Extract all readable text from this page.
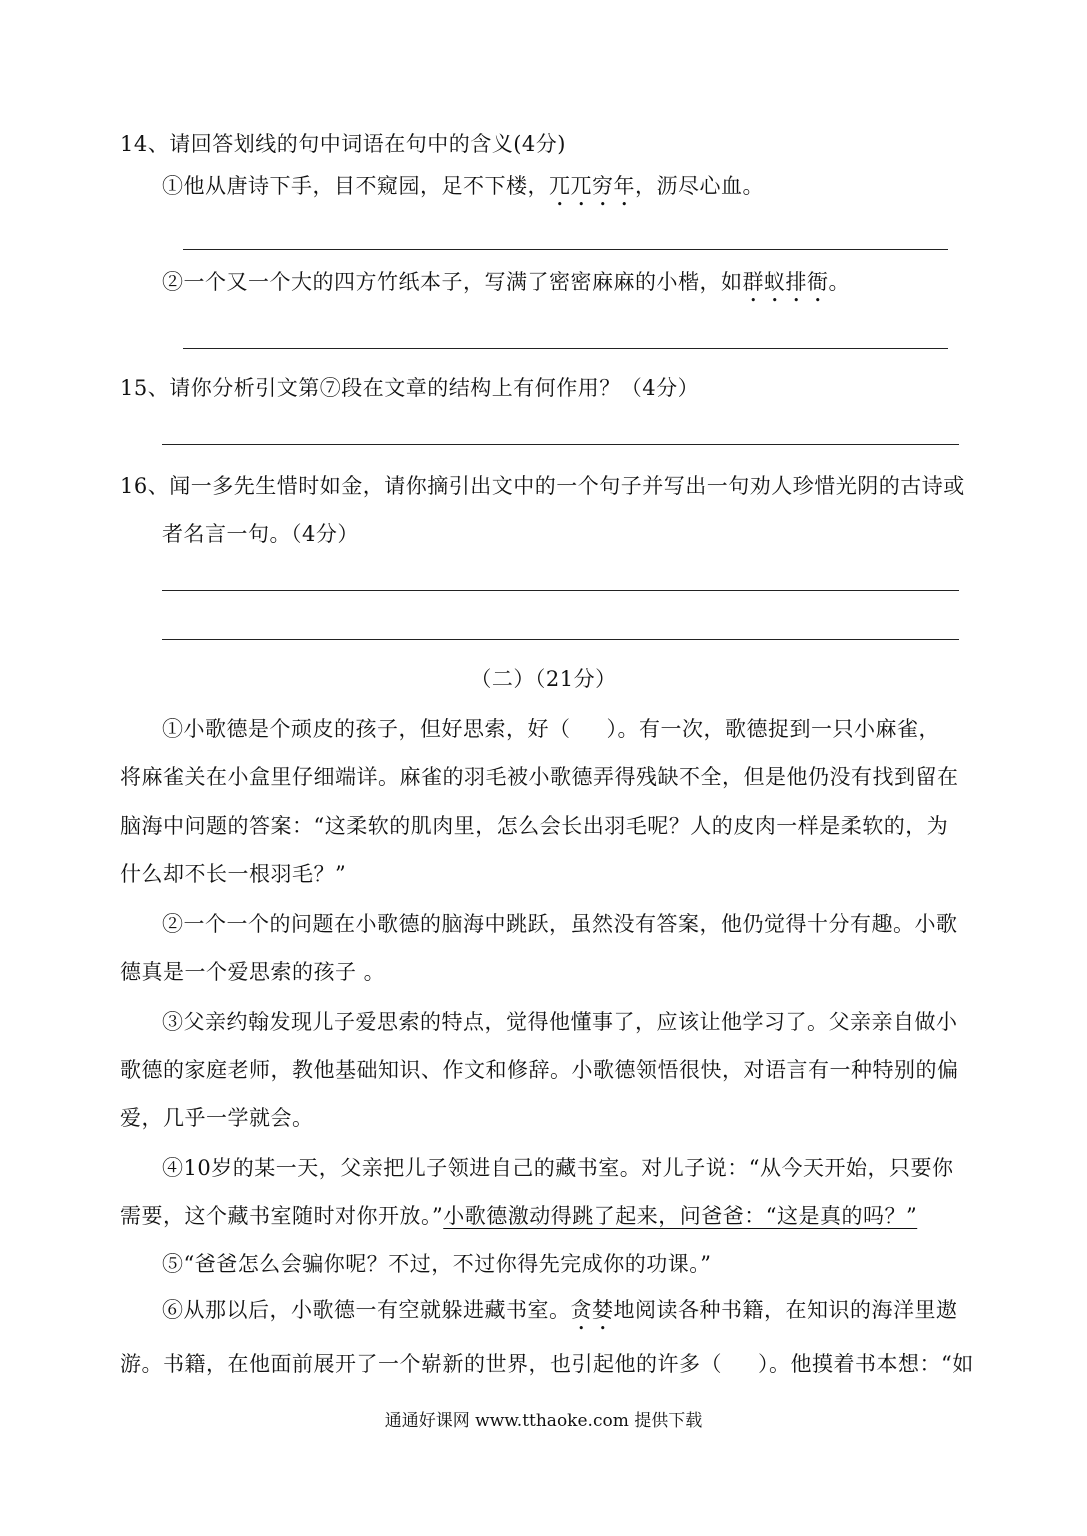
14、请回答划线的句中词语在句中的含义(4分)
①他从唐诗下手，目不窥园，足不下楼，兀兀穷年，沥尽心血。
②一个又一个大的四方竹纸本子，写满了密密麻麻的小楷，如群蚁排衙。
15、请你分析引文第⑦段在文章的结构上有何作用？（4分）
16、闻一多先生惜时如金，请你摘引出文中的一个句子并写出一句劝人珍惜光阴的古诗或
者名言一句。（4分）
（二）（21分）
①小歌德是个顽皮的孩子，但好思索，好（ ）。有一次，歌德捉到一只小麻雀，
将麻雀关在小盒里仔细端详。麻雀的羽毛被小歌德弄得残缺不全，但是他仍没有找到留在
脑海中问题的答案：“这柔软的肌肉里，怎么会长出羽毛呢？人的皮肉一样是柔软的，为
什么却不长一根羽毛？”
②一个一个的问题在小歌德的脑海中跳跃，虽然没有答案，他仍觉得十分有趣。小歌
德真是一个爱思索的孩子 。
③父亲约翰发现儿子爱思索的特点，觉得他懂事了，应该让他学习了。父亲亲自做小
歌德的家庭老师，教他基础知识、作文和修辞。小歌德领悟很快，对语言有一种特别的偏
爱，几乎一学就会。
④10岁的某一天，父亲把儿子领进自己的藏书室。对儿子说：“从今天开始，只要你
需要，这个藏书室随时对你开放。”小歌德激动得跳了起来，问爸爸：“这是真的吗？”
⑤“爸爸怎么会骗你呢？不过，不过你得先完成你的功课。”
⑥从那以后，小歌德一有空就躲进藏书室。贪婪地阅读各种书籍，在知识的海洋里遨
游。书籍，在他面前展开了一个崭新的世界，也引起他的许多（ ）。他摸着书本想：“如
通通好课网 www.tthaoke.com 提供下载
